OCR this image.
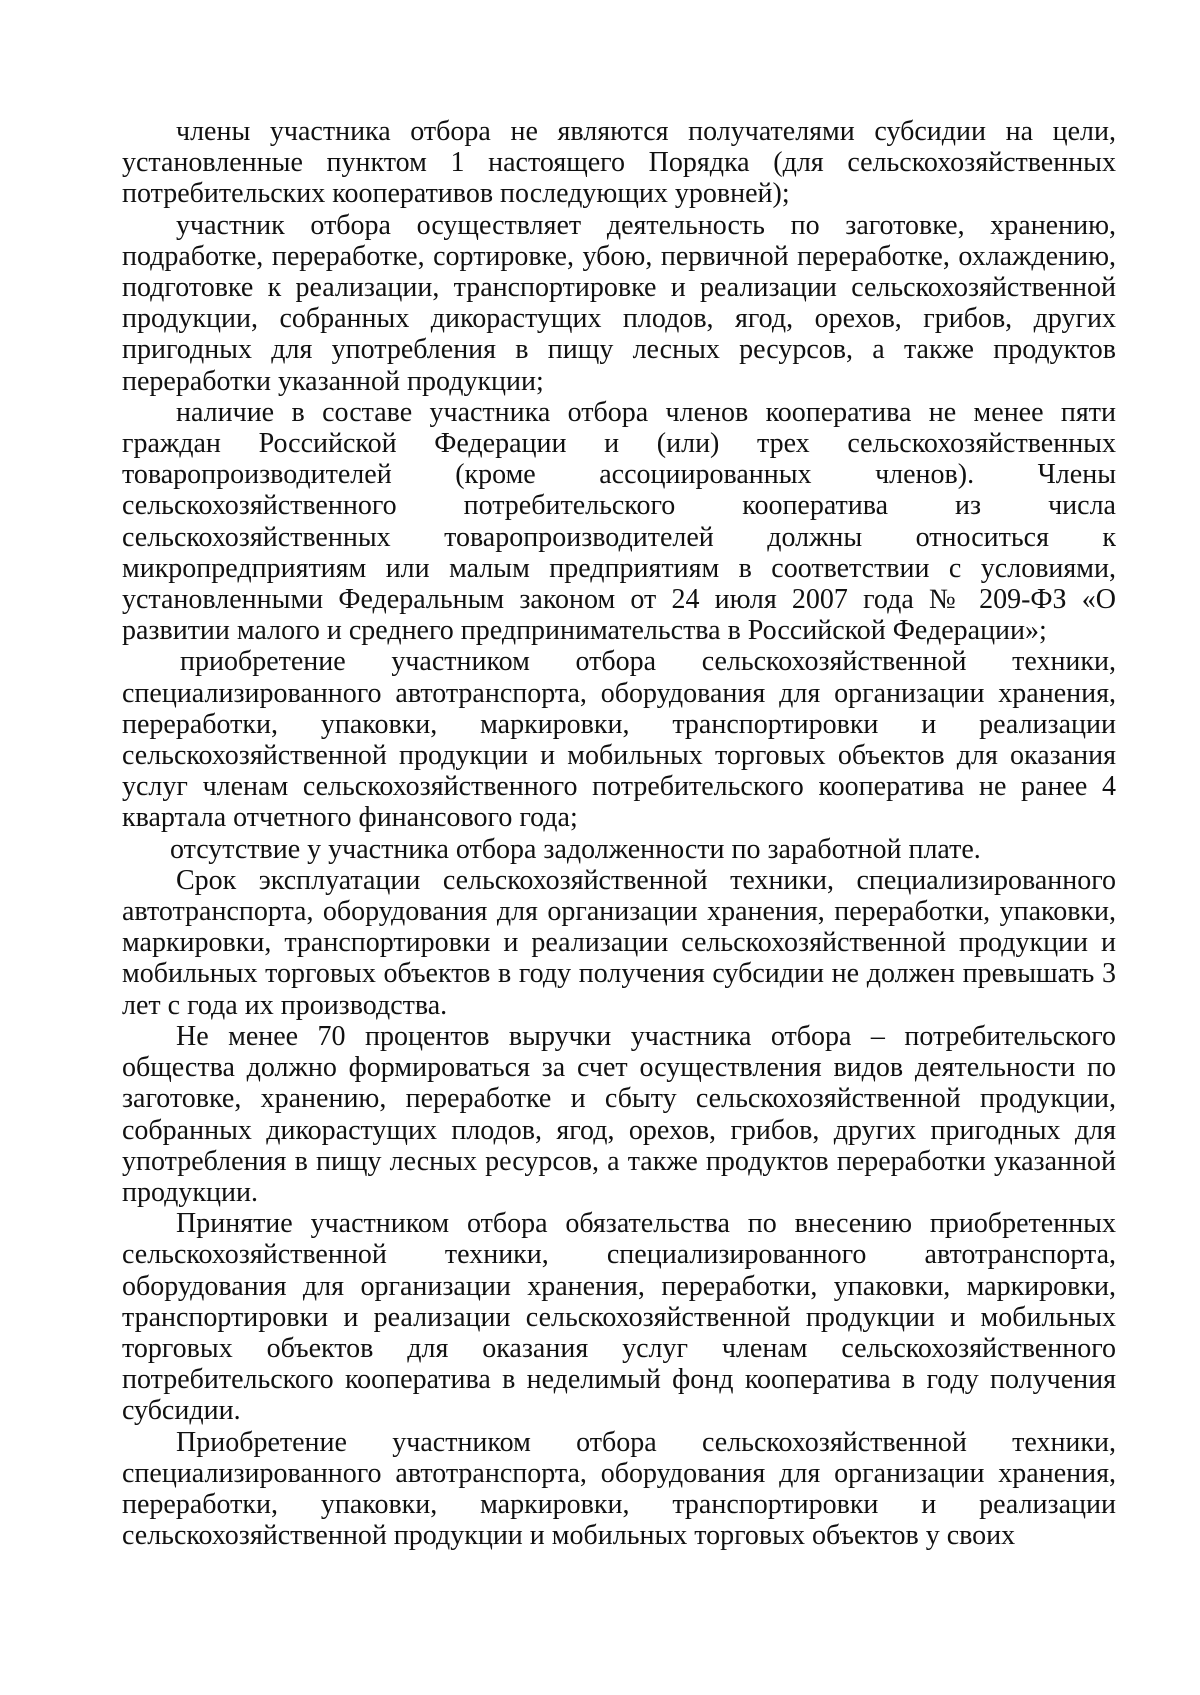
члены участника отбора не являются получателями субсидии на цели, установленные пунктом 1 настоящего Порядка (для сельскохозяйственных потребительских кооперативов последующих уровней);

участник отбора осуществляет деятельность по заготовке, хранению, подработке, переработке, сортировке, убою, первичной переработке, охлаждению, подготовке к реализации, транспортировке и реализации сельскохозяйственной продукции, собранных дикорастущих плодов, ягод, орехов, грибов, других пригодных для употребления в пищу лесных ресурсов, а также продуктов переработки указанной продукции;

наличие в составе участника отбора членов кооператива не менее пяти граждан Российской Федерации и (или) трех сельскохозяйственных товаропроизводителей (кроме ассоциированных членов). Члены сельскохозяйственного потребительского кооператива из числа сельскохозяйственных товаропроизводителей должны относиться к микропредприятиям или малым предприятиям в соответствии с условиями, установленными Федеральным законом от 24 июля 2007 года № 209-ФЗ «О развитии малого и среднего предпринимательства в Российской Федерации»;

приобретение участником отбора сельскохозяйственной техники, специализированного автотранспорта, оборудования для организации хранения, переработки, упаковки, маркировки, транспортировки и реализации сельскохозяйственной продукции и мобильных торговых объектов для оказания услуг членам сельскохозяйственного потребительского кооператива не ранее 4 квартала отчетного финансового года;

отсутствие у участника отбора задолженности по заработной плате.

Срок эксплуатации сельскохозяйственной техники, специализированного автотранспорта, оборудования для организации хранения, переработки, упаковки, маркировки, транспортировки и реализации сельскохозяйственной продукции и мобильных торговых объектов в году получения субсидии не должен превышать 3 лет с года их производства.

Не менее 70 процентов выручки участника отбора – потребительского общества должно формироваться за счет осуществления видов деятельности по заготовке, хранению, переработке и сбыту сельскохозяйственной продукции, собранных дикорастущих плодов, ягод, орехов, грибов, других пригодных для употребления в пищу лесных ресурсов, а также продуктов переработки указанной продукции.

Принятие участником отбора обязательства по внесению приобретенных сельскохозяйственной техники, специализированного автотранспорта, оборудования для организации хранения, переработки, упаковки, маркировки, транспортировки и реализации сельскохозяйственной продукции и мобильных торговых объектов для оказания услуг членам сельскохозяйственного потребительского кооператива в неделимый фонд кооператива в году получения субсидии.

Приобретение участником отбора сельскохозяйственной техники, специализированного автотранспорта, оборудования для организации хранения, переработки, упаковки, маркировки, транспортировки и реализации сельскохозяйственной продукции и мобильных торговых объектов у своих
